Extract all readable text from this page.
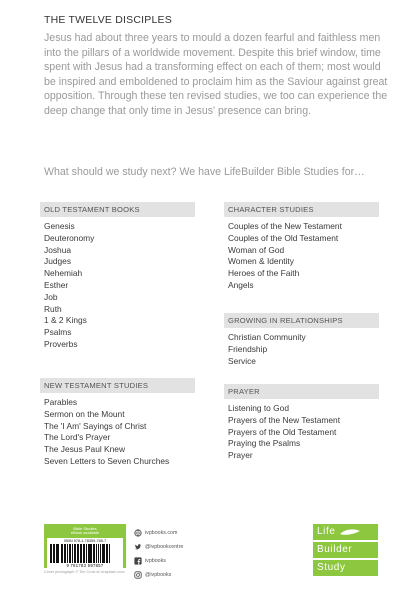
THE TWELVE DISCIPLES

Jesus had about three years to mould a dozen fearful and faithless men into the pillars of a worldwide movement. Despite this brief window, time spent with Jesus had a transforming effect on each of them; most would be inspired and emboldened to proclaim him as the Saviour against great opposition. Through these ten revised studies, we too can experience the deep change that only time in Jesus' presence can bring.

What should we study next? We have LifeBuilder Bible Studies for…

OLD TESTAMENT BOOKS
Genesis
Deuteronomy
Joshua
Judges
Nehemiah
Esther
Job
Ruth
1 & 2 Kings
Psalms
Proverbs
NEW TESTAMENT STUDIES
Parables
Sermon on the Mount
The 'I Am' Sayings of Christ
The Lord's Prayer
The Jesus Paul Knew
Seven Letters to Seven Churches
CHARACTER STUDIES
Couples of the New Testament
Couples of the Old Testament
Woman of God
Women & Identity
Heroes of the Faith
Angels
GROWING IN RELATIONSHIPS
Christian Community
Friendship
Service
PRAYER
Listening to God
Prayers of the New Testament
Prayers of the Old Testament
Praying the Psalms
Prayer
Bible Studies
eBook available
ISBN 978-1-78359-785-7
9 781783 597857
ivpbooks.com
@ivpbookcentre
ivpbooks
@ivpbooks
Cover photograph © Tim Crow at Unsplash.com
Life
Builder
Study
